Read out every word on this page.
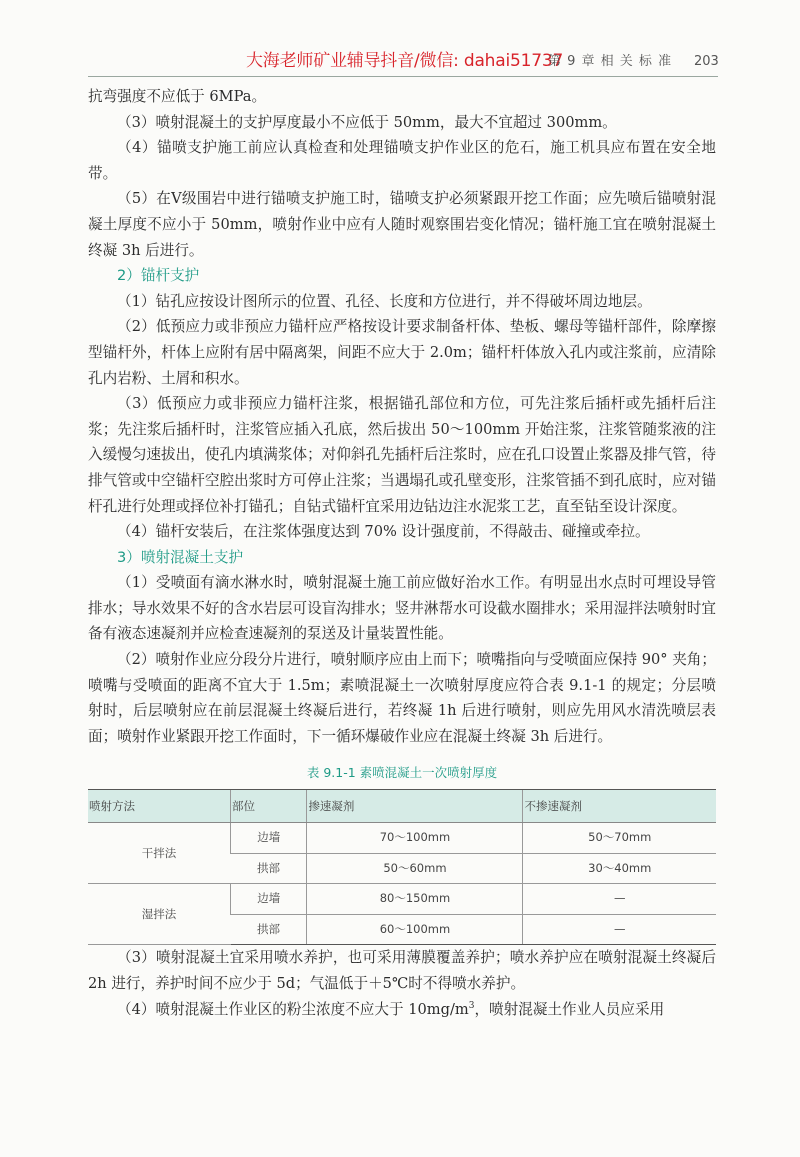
大海老师矿业辅导抖音/微信: dahai51737
第 9 章 相 关 标 准 203

抗弯强度不应低于 6MPa。

（3）喷射混凝土的支护厚度最小不应低于 50mm，最大不宜超过 300mm。

（4）锚喷支护施工前应认真检查和处理锚喷支护作业区的危石，施工机具应布置在安全地带。

（5）在Ⅴ级围岩中进行锚喷支护施工时，锚喷支护必须紧跟开挖工作面；应先喷后锚喷射混凝土厚度不应小于 50mm，喷射作业中应有人随时观察围岩变化情况；锚杆施工宜在喷射混凝土终凝 3h 后进行。

2）锚杆支护

（1）钻孔应按设计图所示的位置、孔径、长度和方位进行，并不得破坏周边地层。

（2）低预应力或非预应力锚杆应严格按设计要求制备杆体、垫板、螺母等锚杆部件，除摩擦型锚杆外，杆体上应附有居中隔离架，间距不应大于 2.0m；锚杆杆体放入孔内或注浆前，应清除孔内岩粉、土屑和积水。

（3）低预应力或非预应力锚杆注浆，根据锚孔部位和方位，可先注浆后插杆或先插杆后注浆；先注浆后插杆时，注浆管应插入孔底，然后拔出 50～100mm 开始注浆，注浆管随浆液的注入缓慢匀速拔出，使孔内填满浆体；对仰斜孔先插杆后注浆时，应在孔口设置止浆器及排气管，待排气管或中空锚杆空腔出浆时方可停止注浆；当遇塌孔或孔壁变形，注浆管插不到孔底时，应对锚杆孔进行处理或择位补打锚孔；自钻式锚杆宜采用边钻边注水泥浆工艺，直至钻至设计深度。

（4）锚杆安装后，在注浆体强度达到 70% 设计强度前，不得敲击、碰撞或牵拉。

3）喷射混凝土支护

（1）受喷面有滴水淋水时，喷射混凝土施工前应做好治水工作。有明显出水点时可埋设导管排水；导水效果不好的含水岩层可设盲沟排水；竖井淋帮水可设截水圈排水；采用湿拌法喷射时宜备有液态速凝剂并应检查速凝剂的泵送及计量装置性能。

（2）喷射作业应分段分片进行，喷射顺序应由上而下；喷嘴指向与受喷面应保持 90° 夹角；喷嘴与受喷面的距离不宜大于 1.5m；素喷混凝土一次喷射厚度应符合表 9.1-1 的规定；分层喷射时，后层喷射应在前层混凝土终凝后进行，若终凝 1h 后进行喷射，则应先用风水清洗喷层表面；喷射作业紧跟开挖工作面时，下一循环爆破作业应在混凝土终凝 3h 后进行。

表 9.1-1 素喷混凝土一次喷射厚度
喷射方法	部位	掺速凝剂	不掺速凝剂
干拌法	边墙	70～100mm	50～70mm
	拱部	50～60mm	30～40mm
湿拌法	边墙	80～150mm	—
	拱部	60～100mm	—

（3）喷射混凝土宜采用喷水养护，也可采用薄膜覆盖养护；喷水养护应在喷射混凝土终凝后 2h 进行，养护时间不应少于 5d；气温低于＋5℃时不得喷水养护。

（4）喷射混凝土作业区的粉尘浓度不应大于 $10mg/m^3$，喷射混凝土作业人员应采用
